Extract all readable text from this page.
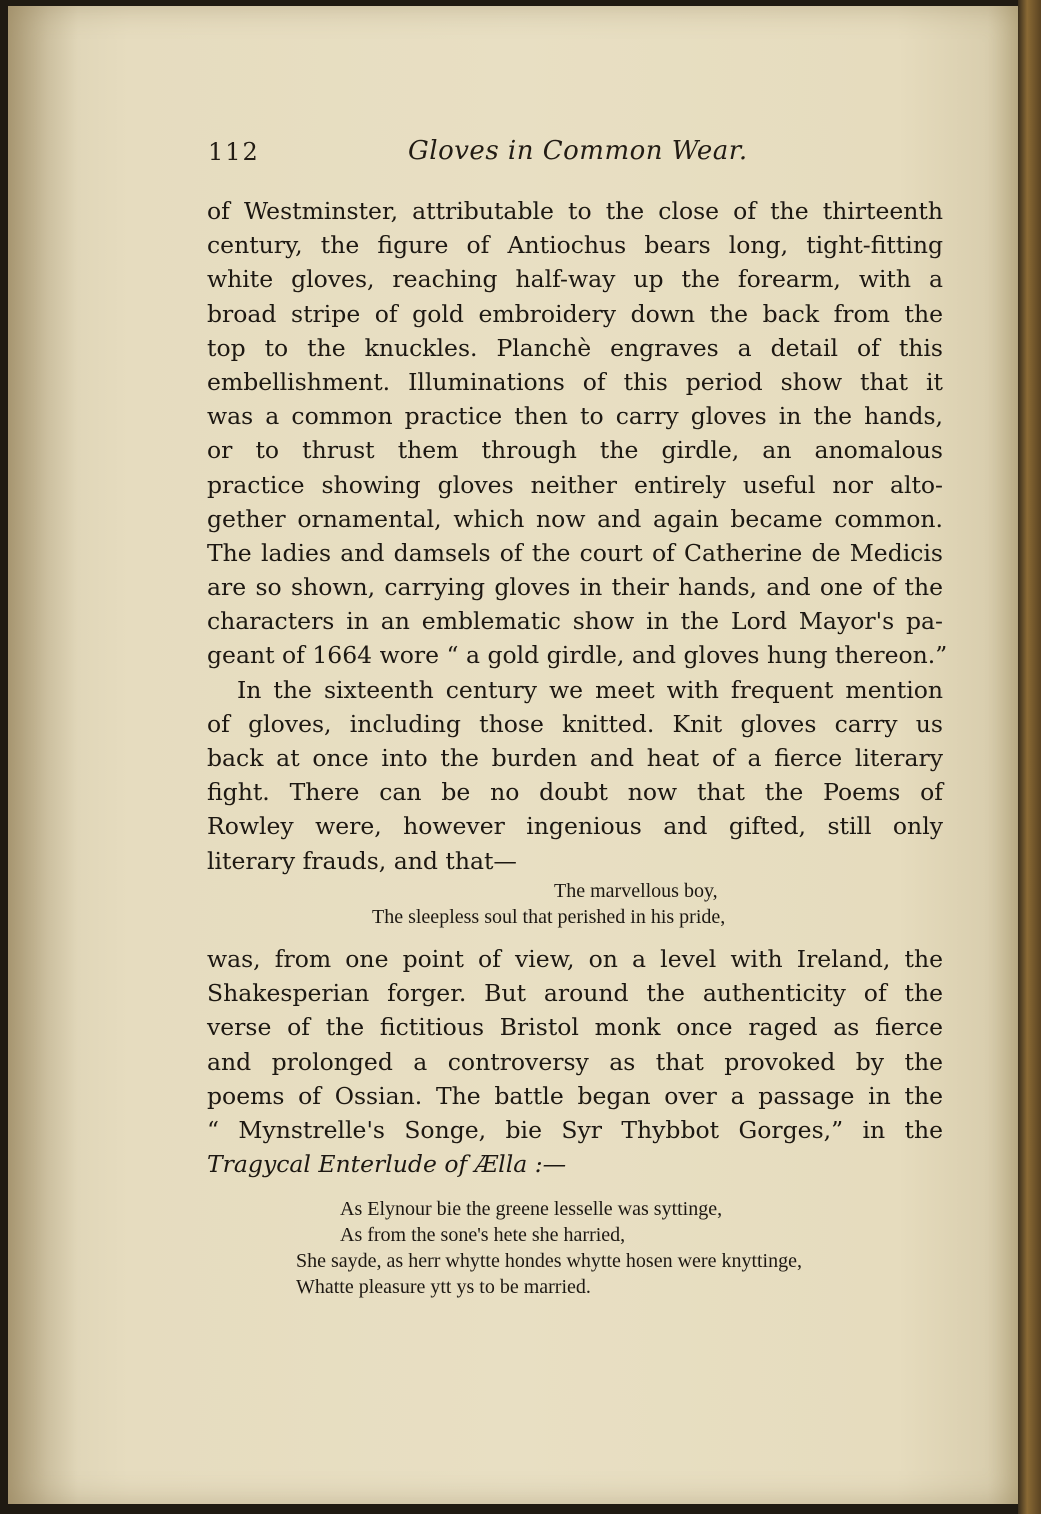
112	Gloves in Common Wear.
of Westminster, attributable to the close of the thirteenth
century, the figure of Antiochus bears long, tight-fitting
white gloves, reaching half-way up the forearm, with a
broad stripe of gold embroidery down the back from the
top to the knuckles. Planchè engraves a detail of this
embellishment. Illuminations of this period show that it
was a common practice then to carry gloves in the hands,
or to thrust them through the girdle, an anomalous
practice showing gloves neither entirely useful nor alto-
gether ornamental, which now and again became common.
The ladies and damsels of the court of Catherine de Medicis
are so shown, carrying gloves in their hands, and one of the
characters in an emblematic show in the Lord Mayor's pa-
geant of 1664 wore “ a gold girdle, and gloves hung thereon.”
In the sixteenth century we meet with frequent mention
of gloves, including those knitted. Knit gloves carry us
back at once into the burden and heat of a fierce literary
fight. There can be no doubt now that the Poems of
Rowley were, however ingenious and gifted, still only
literary frauds, and that—
The marvellous boy,
The sleepless soul that perished in his pride,
was, from one point of view, on a level with Ireland, the
Shakesperian forger. But around the authenticity of the
verse of the fictitious Bristol monk once raged as fierce
and prolonged a controversy as that provoked by the
poems of Ossian. The battle began over a passage in the
“ Mynstrelle's Songe, bie Syr Thybbot Gorges,” in the
Tragycal Enterlude of Ælla :—
As Elynour bie the greene lesselle was syttinge,
As from the sone's hete she harried,
She sayde, as herr whytte hondes whytte hosen were knyttinge,
Whatte pleasure ytt ys to be married.
